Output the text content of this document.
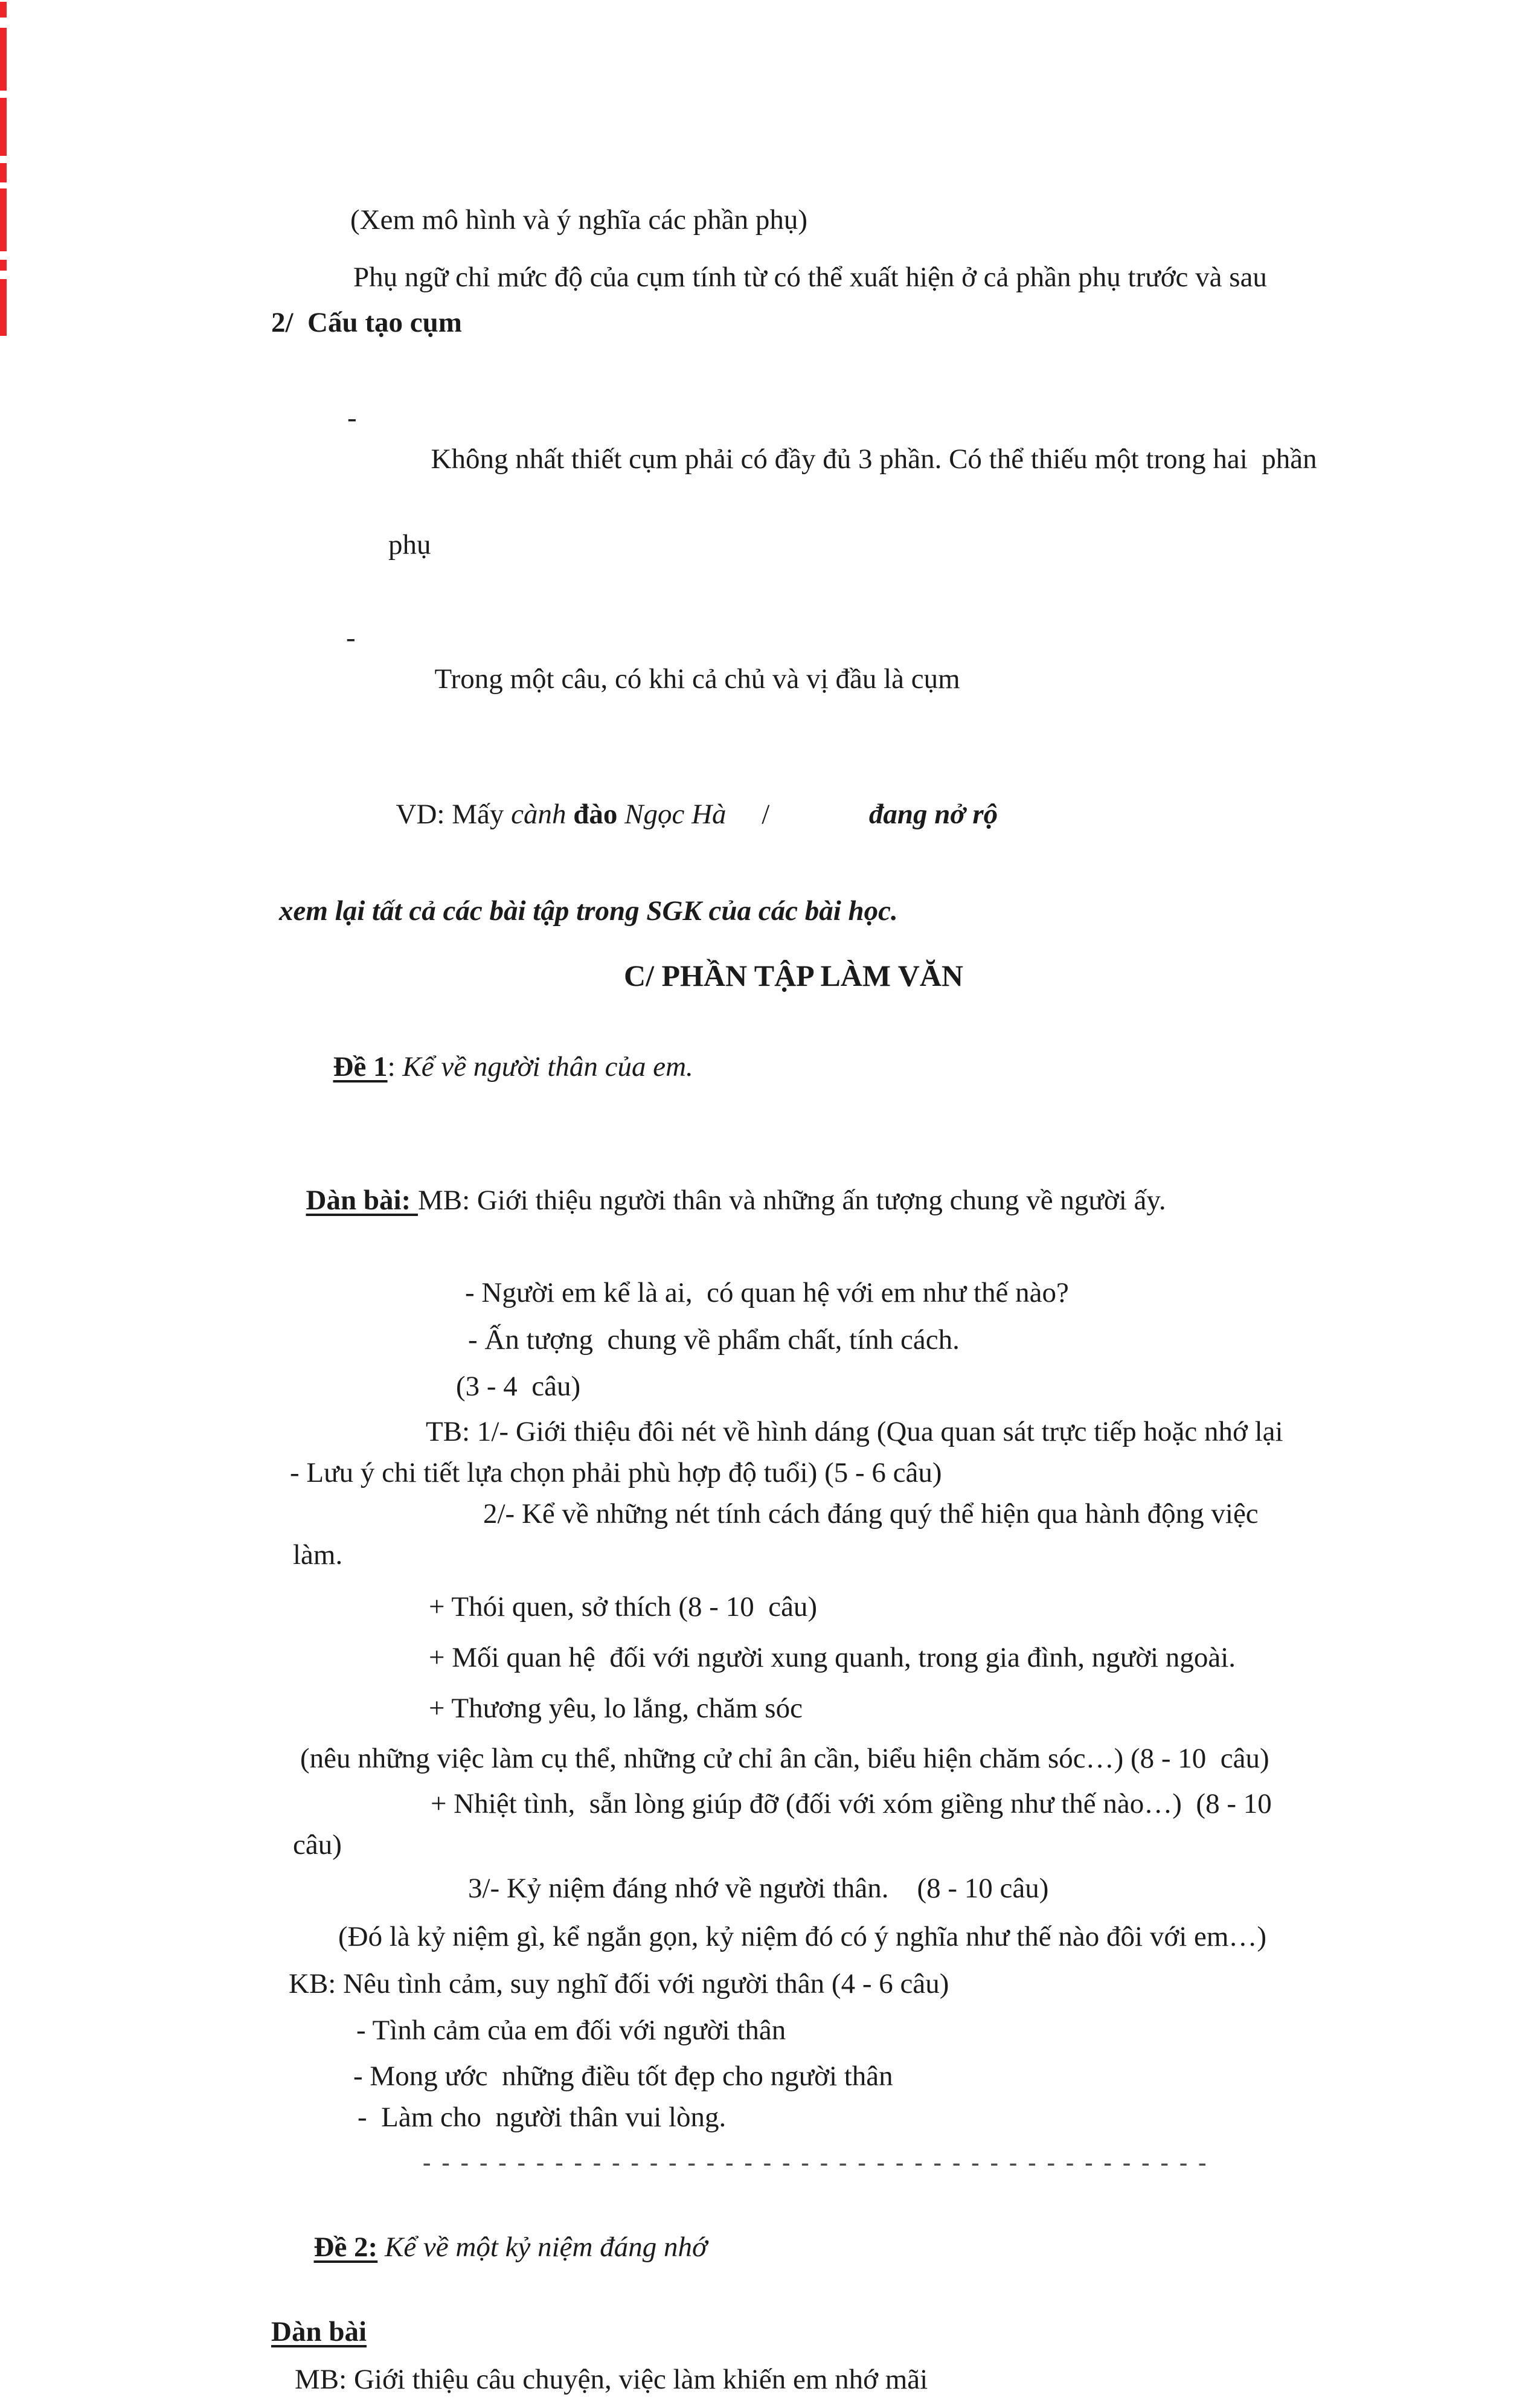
(Xem mô hình và ý nghĩa các phần phụ)
Phụ ngữ chỉ mức độ của cụm tính từ có thể xuất hiện ở cả phần phụ trước và sau
2/  Cấu tạo cụm

-

Không nhất thiết cụm phải có đầy đủ 3 phần. Có thể thiếu một trong hai  phần

phụ

-

Trong một câu, có khi cả chủ và vị đầu là cụm

VD: Mấy cành đào Ngọc Hà     /              đang nở rộ

xem lại tất cả các bài tập trong SGK của các bài học.
C/ PHẦN TẬP LÀM VĂN

Đề 1: Kể về người thân của em.

Dàn bài: MB: Giới thiệu người thân và những ấn tượng chung về người ấy.

- Người em kể là ai,  có quan hệ với em như thế nào?
- Ấn tượng  chung về phẩm chất, tính cách.
(3 - 4  câu)
TB: 1/- Giới thiệu đôi nét về hình dáng (Qua quan sát trực tiếp hoặc nhớ lại
- Lưu ý chi tiết lựa chọn phải phù hợp độ tuổi) (5 - 6 câu)
2/- Kể về những nét tính cách đáng quý thể hiện qua hành động việc
làm.
+ Thói quen, sở thích (8 - 10  câu)
+ Mối quan hệ  đối với người xung quanh, trong gia đình, người ngoài.
+ Thương yêu, lo lắng, chăm sóc
(nêu những việc làm cụ thể, những cử chỉ ân cần, biểu hiện chăm sóc…) (8 - 10  câu)
+ Nhiệt tình,  sẵn lòng giúp đỡ (đối với xóm giềng như thế nào…)  (8 - 10
câu)
3/- Kỷ niệm đáng nhớ về người thân.    (8 - 10 câu)
(Đó là kỷ niệm gì, kể ngắn gọn, kỷ niệm đó có ý nghĩa như thế nào đôi với em…)
KB: Nêu tình cảm, suy nghĩ đối với người thân (4 - 6 câu)
- Tình cảm của em đối với người thân
- Mong ước  những điều tốt đẹp cho người thân
-  Làm cho  người thân vui lòng.
- - - - - - - - - - - - - - - - - - - - - - - - - - - - - - - - - - - - - - - - - -

Đề 2: Kể về một kỷ niệm đáng nhớ

Dàn bài
MB: Giới thiệu câu chuyện, việc làm khiến em nhớ mãi
